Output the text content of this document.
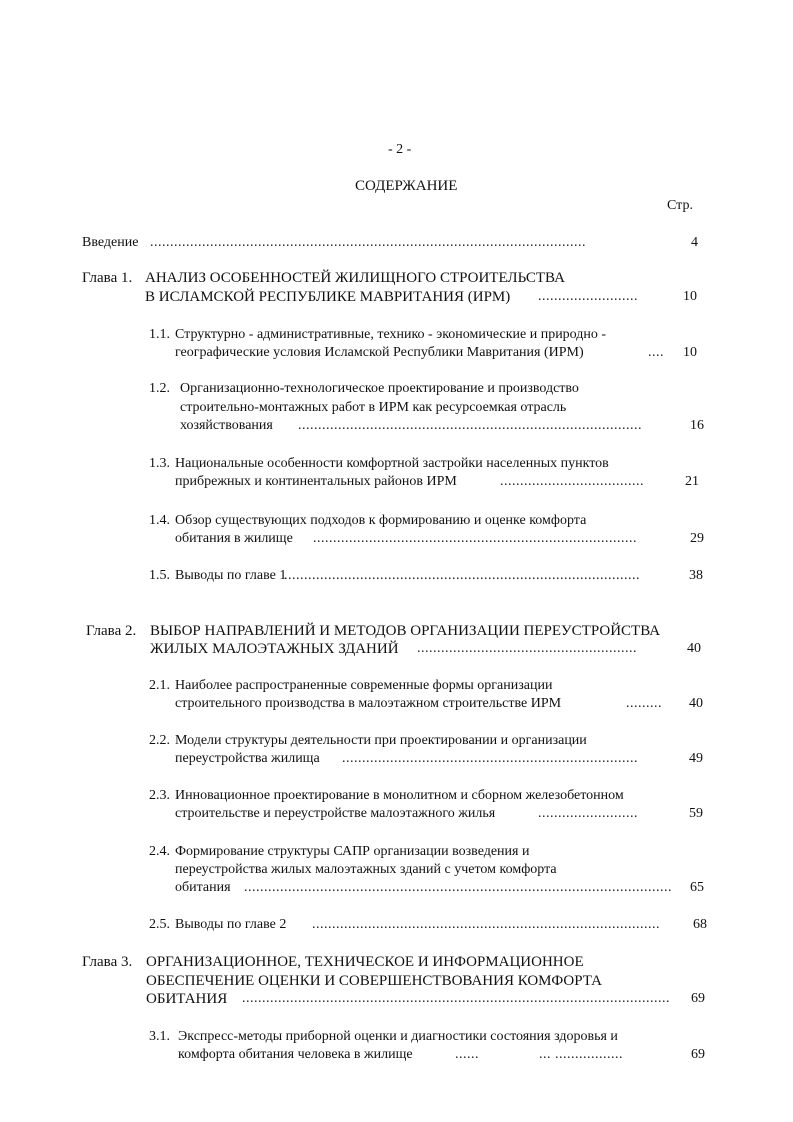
- 2 -
СОДЕРЖАНИЕ
Стр.
Введение .............................................................................................................	4
Глава 1. АНАЛИЗ ОСОБЕННОСТЕЙ ЖИЛИЩНОГО СТРОИТЕЛЬСТВА
В ИСЛАМСКОЙ РЕСПУБЛИКЕ МАВРИТАНИЯ (ИРМ) .........................	10
1.1. Структурно - административные, технико - экономические и природно -
географические условия Исламской Республики Мавритания (ИРМ)	....	10
1.2. Организационно-технологическое проектирование и производство
строительно-монтажных работ в ИРМ как ресурсоемкая отрасль
хозяйствования ......................................................................................	16
1.3. Национальные особенности комфортной застройки населенных пунктов
прибрежных и континентальных районов ИРМ	....................................	21
1.4. Обзор существующих подходов к формированию и оценке комфорта
обитания в жилище .................................................................................	29
1.5. Выводы по главе 1
.........................................................................................	38
Глава 2. ВЫБОР НАПРАВЛЕНИЙ И МЕТОДОВ ОРГАНИЗАЦИИ ПЕРЕУСТРОЙСТВА
ЖИЛЫХ МАЛОЭТАЖНЫХ ЗДАНИЙ .......................................................	40
2.1. Наиболее распространенные современные формы организации
строительного производства в малоэтажном строительстве ИРМ	.........	40
2.2. Модели структуры деятельности при проектировании и организации
переустройства жилища ..........................................................................	49
2.3. Инновационное проектирование в монолитном и сборном железобетонном
строительстве и переустройстве малоэтажного жилья	.........................	59
2.4. Формирование структуры САПР организации возведения и
переустройства жилых малоэтажных зданий с учетом комфорта
обитания ...........................................................................................................	65
2.5. Выводы по главе 2 .......................................................................................	68
Глава 3. ОРГАНИЗАЦИОННОЕ, ТЕХНИЧЕСКОЕ И ИНФОРМАЦИОННОЕ
ОБЕСПЕЧЕНИЕ ОЦЕНКИ И СОВЕРШЕНСТВОВАНИЯ КОМФОРТА
ОБИТАНИЯ ...........................................................................................................	69
3.1. Экспресс-методы приборной оценки и диагностики состояния здоровья и
комфорта обитания человека в жилище	......               ... .................	69
